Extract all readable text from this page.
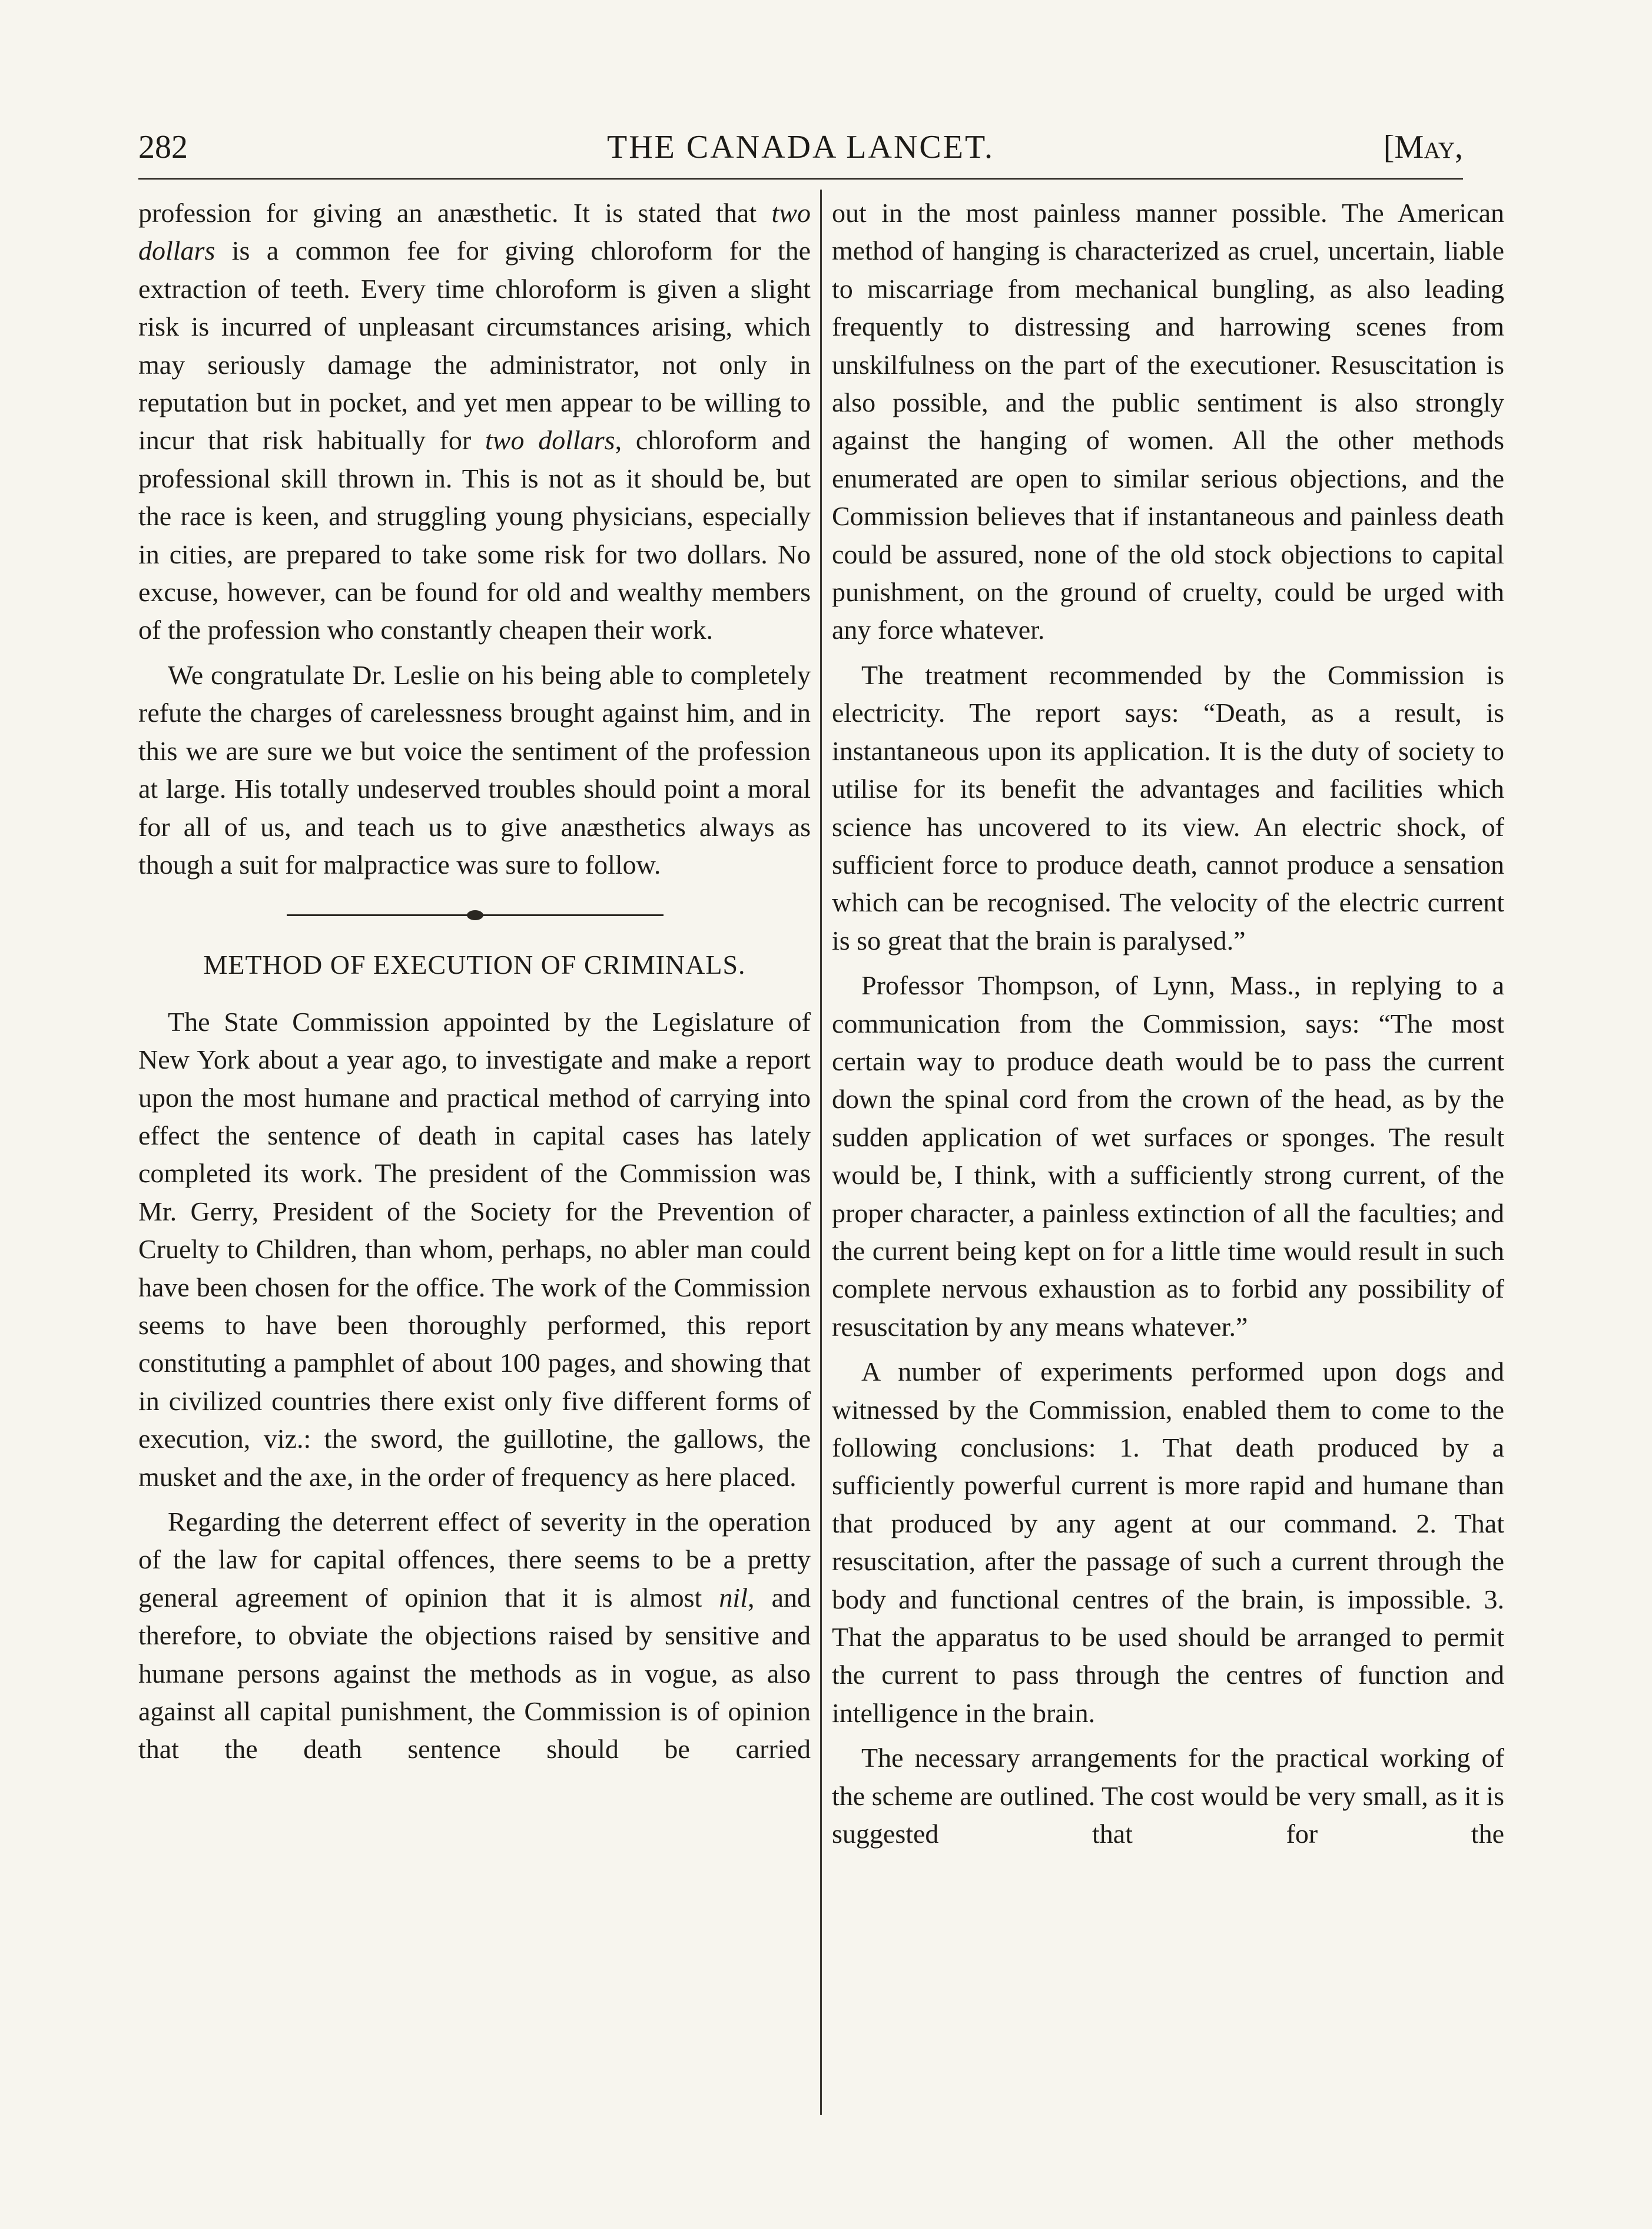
282	THE CANADA LANCET.	[May,

profession for giving an anæsthetic. It is stated that two dollars is a common fee for giving chloroform for the extraction of teeth. Every time chloroform is given a slight risk is incurred of unpleasant circumstances arising, which may seriously damage the administrator, not only in reputation but in pocket, and yet men appear to be willing to incur that risk habitually for two dollars, chloroform and professional skill thrown in. This is not as it should be, but the race is keen, and struggling young physicians, especially in cities, are prepared to take some risk for two dollars. No excuse, however, can be found for old and wealthy members of the profession who constantly cheapen their work.

We congratulate Dr. Leslie on his being able to completely refute the charges of carelessness brought against him, and in this we are sure we but voice the sentiment of the profession at large. His totally undeserved troubles should point a moral for all of us, and teach us to give anæsthetics always as though a suit for malpractice was sure to follow.

METHOD OF EXECUTION OF CRIMINALS.

The State Commission appointed by the Legislature of New York about a year ago, to investigate and make a report upon the most humane and practical method of carrying into effect the sentence of death in capital cases has lately completed its work. The president of the Commission was Mr. Gerry, President of the Society for the Prevention of Cruelty to Children, than whom, perhaps, no abler man could have been chosen for the office. The work of the Commission seems to have been thoroughly performed, this report constituting a pamphlet of about 100 pages, and showing that in civilized countries there exist only five different forms of execution, viz.: the sword, the guillotine, the gallows, the musket and the axe, in the order of frequency as here placed.

Regarding the deterrent effect of severity in the operation of the law for capital offences, there seems to be a pretty general agreement of opinion that it is almost nil, and therefore, to obviate the objections raised by sensitive and humane persons against the methods as in vogue, as also against all capital punishment, the Commission is of opinion that the death sentence should be carried

out in the most painless manner possible. The American method of hanging is characterized as cruel, uncertain, liable to miscarriage from mechanical bungling, as also leading frequently to distressing and harrowing scenes from unskilfulness on the part of the executioner. Resuscitation is also possible, and the public sentiment is also strongly against the hanging of women. All the other methods enumerated are open to similar serious objections, and the Commission believes that if instantaneous and painless death could be assured, none of the old stock objections to capital punishment, on the ground of cruelty, could be urged with any force whatever.

The treatment recommended by the Commission is electricity. The report says: “Death, as a result, is instantaneous upon its application. It is the duty of society to utilise for its benefit the advantages and facilities which science has uncovered to its view. An electric shock, of sufficient force to produce death, cannot produce a sensation which can be recognised. The velocity of the electric current is so great that the brain is paralysed.”

Professor Thompson, of Lynn, Mass., in replying to a communication from the Commission, says: “The most certain way to produce death would be to pass the current down the spinal cord from the crown of the head, as by the sudden application of wet surfaces or sponges. The result would be, I think, with a sufficiently strong current, of the proper character, a painless extinction of all the faculties; and the current being kept on for a little time would result in such complete nervous exhaustion as to forbid any possibility of resuscitation by any means whatever.”

A number of experiments performed upon dogs and witnessed by the Commission, enabled them to come to the following conclusions: 1. That death produced by a sufficiently powerful current is more rapid and humane than that produced by any agent at our command. 2. That resuscitation, after the passage of such a current through the body and functional centres of the brain, is impossible. 3. That the apparatus to be used should be arranged to permit the current to pass through the centres of function and intelligence in the brain.

The necessary arrangements for the practical working of the scheme are outlined. The cost would be very small, as it is suggested that for the
